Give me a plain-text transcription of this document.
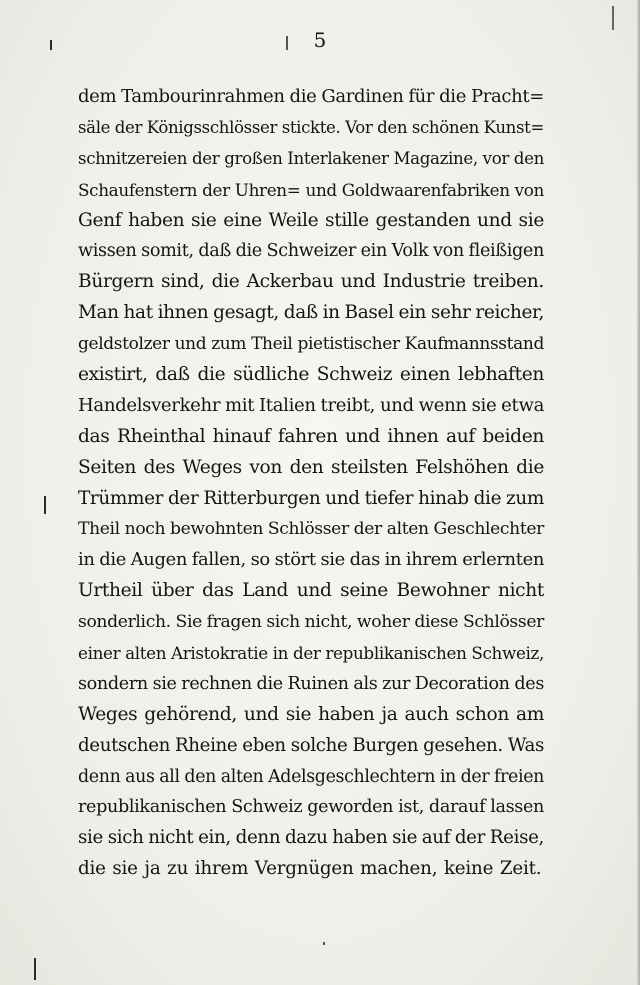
5
dem Tambourinrahmen die Gardinen für die Pracht=
säle der Königsschlösser stickte. Vor den schönen Kunst=
schnitzereien der großen Interlakener Magazine, vor den
Schaufenstern der Uhren= und Goldwaarenfabriken von
Genf haben sie eine Weile stille gestanden und sie
wissen somit, daß die Schweizer ein Volk von fleißigen
Bürgern sind, die Ackerbau und Industrie treiben.
Man hat ihnen gesagt, daß in Basel ein sehr reicher,
geldstolzer und zum Theil pietistischer Kaufmannsstand
existirt, daß die südliche Schweiz einen lebhaften
Handelsverkehr mit Italien treibt, und wenn sie etwa
das Rheinthal hinauf fahren und ihnen auf beiden
Seiten des Weges von den steilsten Felshöhen die
Trümmer der Ritterburgen und tiefer hinab die zum
Theil noch bewohnten Schlösser der alten Geschlechter
in die Augen fallen, so stört sie das in ihrem erlernten
Urtheil über das Land und seine Bewohner nicht
sonderlich. Sie fragen sich nicht, woher diese Schlösser
einer alten Aristokratie in der republikanischen Schweiz,
sondern sie rechnen die Ruinen als zur Decoration des
Weges gehörend, und sie haben ja auch schon am
deutschen Rheine eben solche Burgen gesehen. Was
denn aus all den alten Adelsgeschlechtern in der freien
republikanischen Schweiz geworden ist, darauf lassen
sie sich nicht ein, denn dazu haben sie auf der Reise,
die sie ja zu ihrem Vergnügen machen, keine Zeit.
